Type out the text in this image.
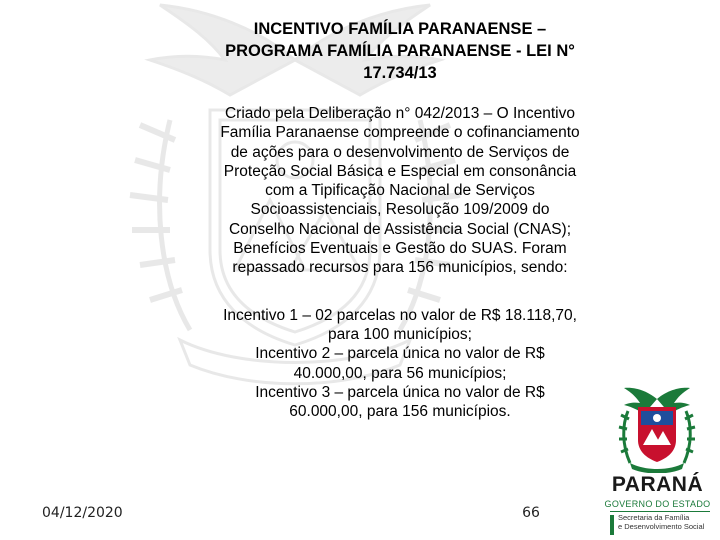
INCENTIVO FAMÍLIA PARANAENSE –
PROGRAMA FAMÍLIA PARANAENSE - LEI N°
17.734/13
Criado pela Deliberação n° 042/2013 – O Incentivo
Família Paranaense compreende o cofinanciamento
de ações para o desenvolvimento de Serviços de
Proteção Social Básica e Especial em consonância
com a Tipificação Nacional de Serviços
Socioassistenciais, Resolução 109/2009 do
Conselho Nacional de Assistência Social (CNAS);
Benefícios Eventuais e Gestão do SUAS. Foram
repassado recursos para 156 municípios, sendo:
Incentivo 1 – 02 parcelas no valor de R$ 18.118,70,
para 100 municípios;
Incentivo 2 – parcela única no valor de R$
40.000,00, para 56 municípios;
Incentivo 3 – parcela única no valor de R$
60.000,00, para 156 municípios.
04/12/2020	66
PARANÁ
GOVERNO DO ESTADO
Secretaria da Família
e Desenvolvimento Social
